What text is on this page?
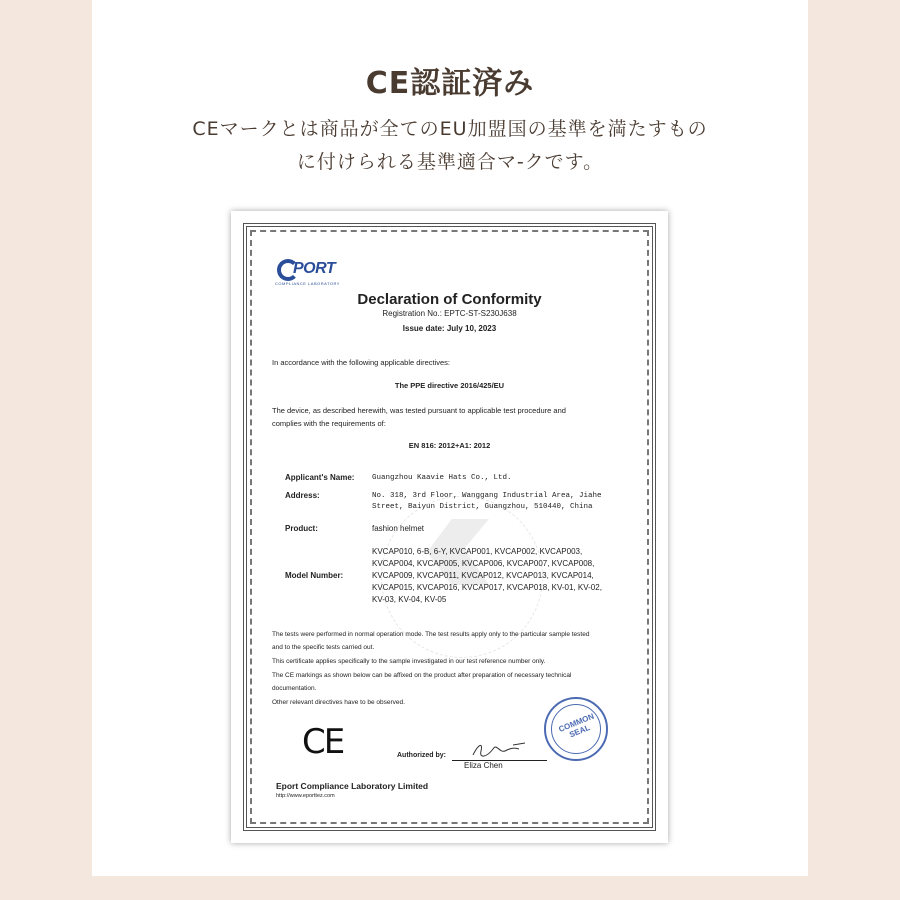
CE認証済み
CEマークとは商品が全てのEU加盟国の基準を満たすもの
に付けられる基準適合マ-クです。
PORT
COMPLIANCE LABORATORY
Declaration of Conformity
Registration No.: EPTC-ST-S230J638
Issue date: July 10, 2023
In accordance with the following applicable directives:
The PPE directive 2016/425/EU
The device, as described herewith, was tested pursuant to applicable test procedure and
complies with the requirements of:
EN 816: 2012+A1: 2012
Applicant's Name: Guangzhou Kaavie Hats Co., Ltd.
Address:	No. 318, 3rd Floor, Wanggang Industrial Area, Jiahe
Street, Baiyun District, Guangzhou, 510440, China
Product:	fashion helmet
Model Number:
KVCAP010, 6-B, 6-Y, KVCAP001, KVCAP002, KVCAP003,
KVCAP004, KVCAP005, KVCAP006, KVCAP007, KVCAP008,
KVCAP009, KVCAP011, KVCAP012, KVCAP013, KVCAP014,
KVCAP015, KVCAP016, KVCAP017, KVCAP018, KV-01, KV-02,
KV-03, KV-04, KV-05
The tests were performed in normal operation mode. The test results apply only to the particular sample tested
and to the specific tests carried out.
This certificate applies specifically to the sample investigated in our test reference number only.
The CE markings as shown below can be affixed on the product after preparation of necessary technical
documentation.
Other relevant directives have to be observed.
CE	Authorized by:
Eliza Chen
COMMON SEAL
Eport Compliance Laboratory Limited
http://www.eporttez.com
